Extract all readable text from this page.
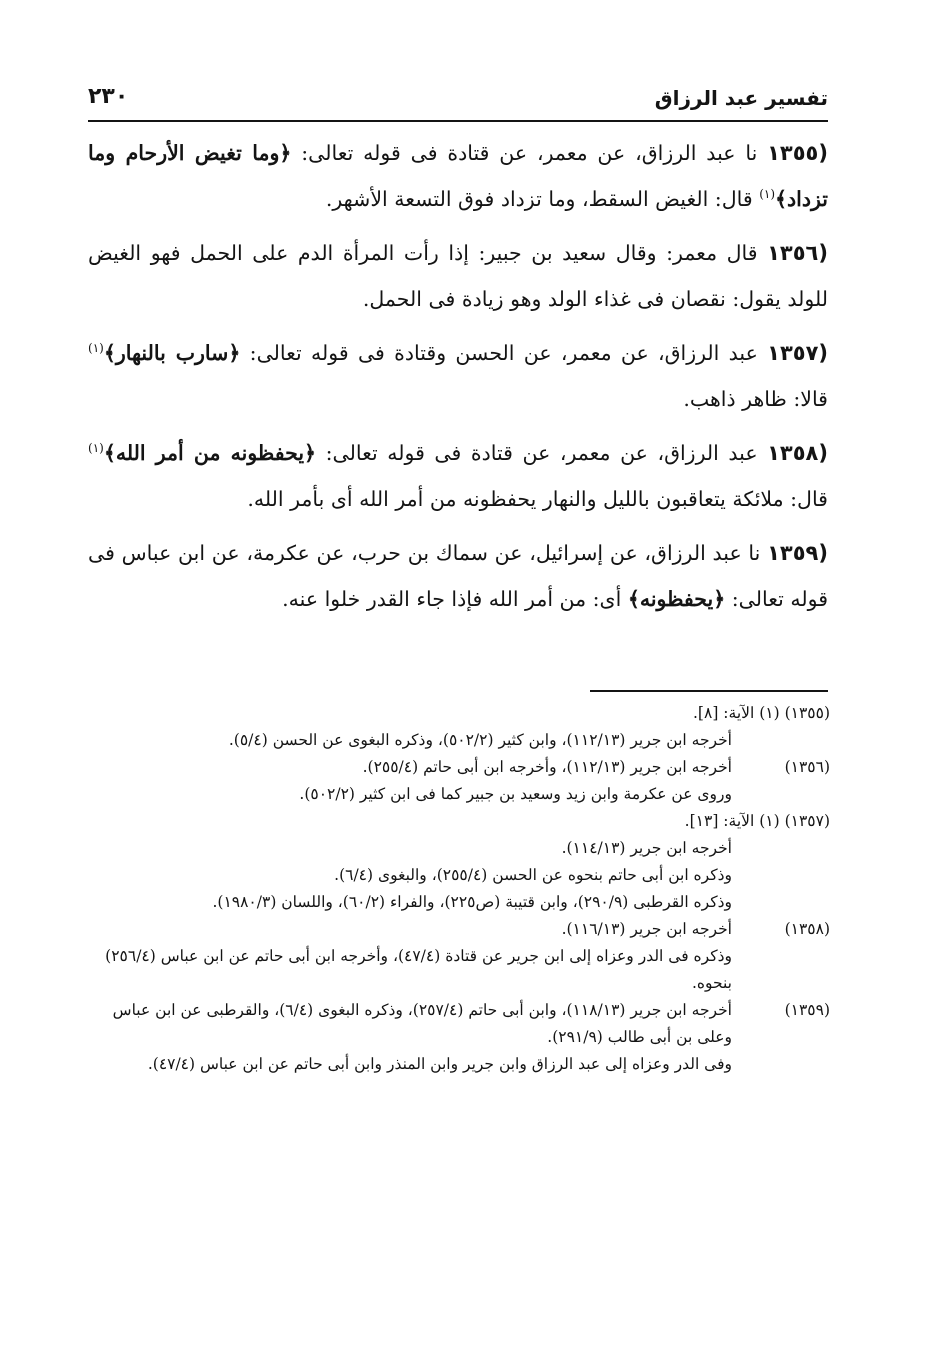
تفسير عبد الرزاق
٢٣٠

(١٣٥٥ نا عبد الرزاق، عن معمر، عن قتادة فى قوله تعالى: ﴿وما تغيض الأرحام وما تزداد﴾$^{(١)}$ قال: الغيض السقط، وما تزداد فوق التسعة الأشهر.

(١٣٥٦ قال معمر: وقال سعيد بن جبير: إذا رأت المرأة الدم على الحمل فهو الغيض للولد يقول: نقصان فى غذاء الولد وهو زيادة فى الحمل.

(١٣٥٧ عبد الرزاق، عن معمر، عن الحسن وقتادة فى قوله تعالى: ﴿سارب بالنهار﴾$^{(١)}$ قالا: ظاهر ذاهب.

(١٣٥٨ عبد الرزاق، عن معمر، عن قتادة فى قوله تعالى: ﴿يحفظونه من أمر الله﴾$^{(١)}$ قال: ملائكة يتعاقبون بالليل والنهار يحفظونه من أمر الله أى بأمر الله.

(١٣٥٩ نا عبد الرزاق، عن إسرائيل، عن سماك بن حرب، عن عكرمة، عن ابن عباس فى قوله تعالى: ﴿يحفظونه﴾ أى: من أمر الله فإذا جاء القدر خلوا عنه.

(١٣٥٥) (١) الآية: [٨].

أخرجه ابن جرير (١١٢/١٣)، وابن كثير (٥٠٢/٢)، وذكره البغوى عن الحسن (٥/٤).

(١٣٥٦)
أخرجه ابن جرير (١١٢/١٣)، وأخرجه ابن أبى حاتم (٢٥٥/٤).

وروى عن عكرمة وابن زيد وسعيد بن جبير كما فى ابن كثير (٥٠٢/٢).

(١٣٥٧) (١) الآية: [١٣].

أخرجه ابن جرير (١١٤/١٣).

وذكره ابن أبى حاتم بنحوه عن الحسن (٢٥٥/٤)، والبغوى (٦/٤).

وذكره القرطبى (٢٩٠/٩)، وابن قتيبة (ص٢٢٥)، والفراء (٦٠/٢)، واللسان (١٩٨٠/٣).

(١٣٥٨)
أخرجه ابن جرير (١١٦/١٣).

وذكره فى الدر وعزاه إلى ابن جرير عن قتادة (٤٧/٤)، وأخرجه ابن أبى حاتم عن ابن عباس (٢٥٦/٤) بنحوه.

(١٣٥٩)
أخرجه ابن جرير (١١٨/١٣)، وابن أبى حاتم (٢٥٧/٤)، وذكره البغوى (٦/٤)، والقرطبى عن ابن عباس وعلى بن أبى طالب (٢٩١/٩).

وفى الدر وعزاه إلى عبد الرزاق وابن جرير وابن المنذر وابن أبى حاتم عن ابن عباس (٤٧/٤).
